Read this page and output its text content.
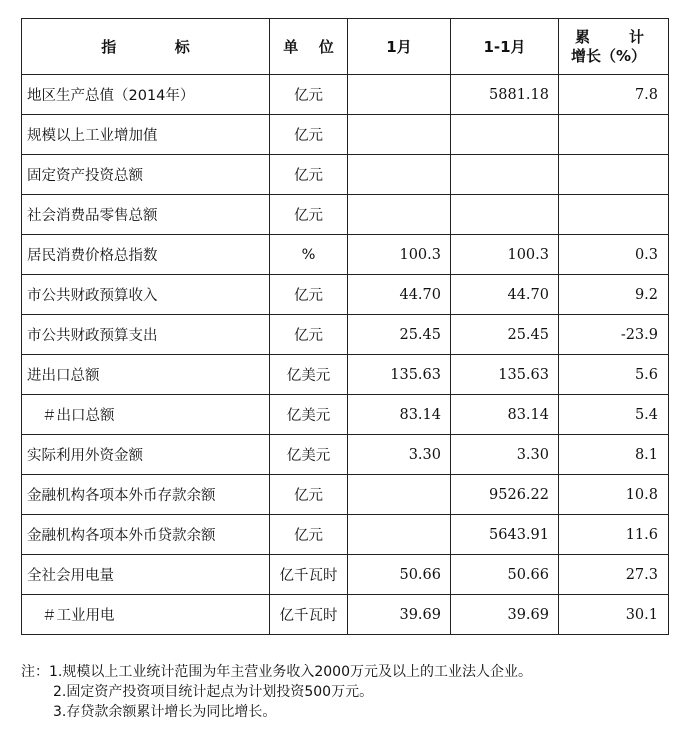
指 标	单 位	1月	1-1月	累 计
增长（%）

地区生产总值（2014年）	亿元		5881.18	7.8
规模以上工业增加值	亿元			
固定资产投资总额	亿元			
社会消费品零售总额	亿元			
居民消费价格总指数	%	100.3	100.3	0.3
市公共财政预算收入	亿元	44.70	44.70	9.2
市公共财政预算支出	亿元	25.45	25.45	-23.9
进出口总额	亿美元	135.63	135.63	5.6
＃出口总额	亿美元	83.14	83.14	5.4
实际利用外资金额	亿美元	3.30	3.30	8.1
金融机构各项本外币存款余额	亿元		9526.22	10.8
金融机构各项本外币贷款余额	亿元		5643.91	11.6
全社会用电量	亿千瓦时	50.66	50.66	27.3
＃工业用电	亿千瓦时	39.69	39.69	30.1
注：1.规模以上工业统计范围为年主营业务收入2000万元及以上的工业法人企业。
2.固定资产投资项目统计起点为计划投资500万元。
3.存贷款余额累计增长为同比增长。
